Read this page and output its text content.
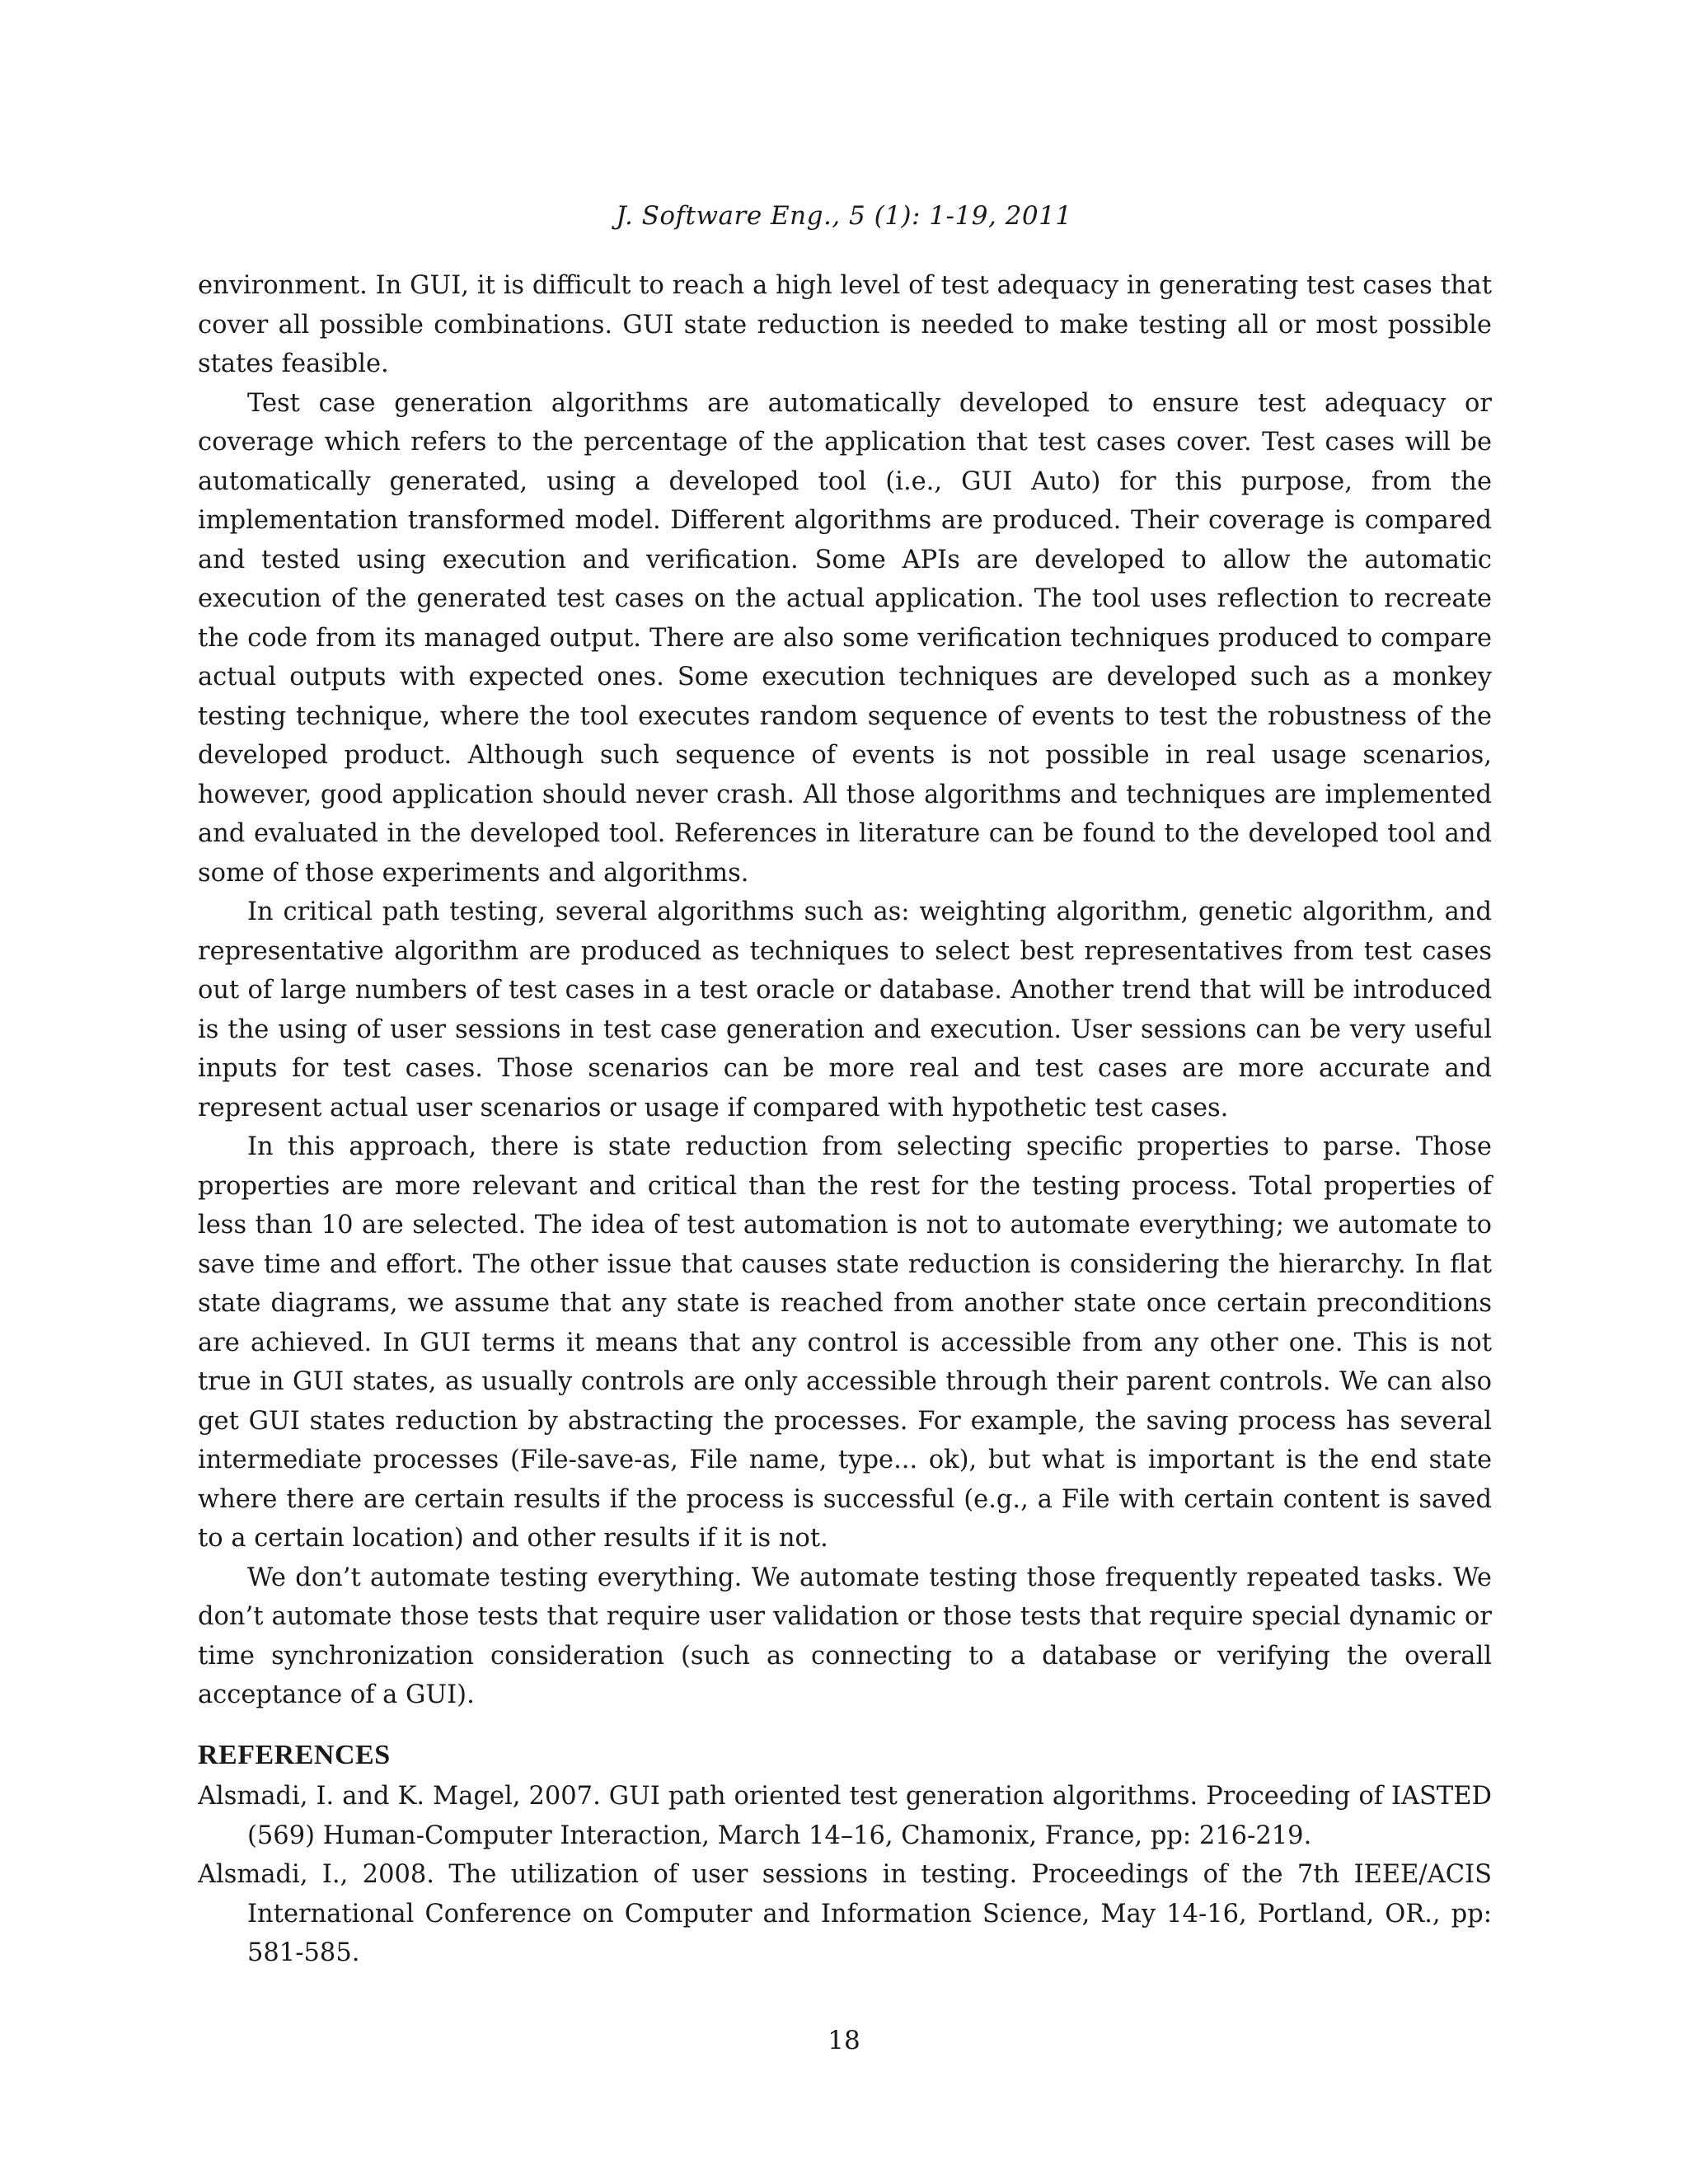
J. Software Eng., 5 (1): 1-19, 2011

environment. In GUI, it is difficult to reach a high level of test adequacy in generating test cases that cover all possible combinations. GUI state reduction is needed to make testing all or most possible states feasible.

Test case generation algorithms are automatically developed to ensure test adequacy or coverage which refers to the percentage of the application that test cases cover. Test cases will be automatically generated, using a developed tool (i.e., GUI Auto) for this purpose, from the implementation transformed model. Different algorithms are produced. Their coverage is compared and tested using execution and verification. Some APIs are developed to allow the automatic execution of the generated test cases on the actual application. The tool uses reflection to recreate the code from its managed output. There are also some verification techniques produced to compare actual outputs with expected ones. Some execution techniques are developed such as a monkey testing technique, where the tool executes random sequence of events to test the robustness of the developed product. Although such sequence of events is not possible in real usage scenarios, however, good application should never crash. All those algorithms and techniques are implemented and evaluated in the developed tool. References in literature can be found to the developed tool and some of those experiments and algorithms.

In critical path testing, several algorithms such as: weighting algorithm, genetic algorithm, and representative algorithm are produced as techniques to select best representatives from test cases out of large numbers of test cases in a test oracle or database. Another trend that will be introduced is the using of user sessions in test case generation and execution. User sessions can be very useful inputs for test cases. Those scenarios can be more real and test cases are more accurate and represent actual user scenarios or usage if compared with hypothetic test cases.

In this approach, there is state reduction from selecting specific properties to parse. Those properties are more relevant and critical than the rest for the testing process. Total properties of less than 10 are selected. The idea of test automation is not to automate everything; we automate to save time and effort. The other issue that causes state reduction is considering the hierarchy. In flat state diagrams, we assume that any state is reached from another state once certain preconditions are achieved. In GUI terms it means that any control is accessible from any other one. This is not true in GUI states, as usually controls are only accessible through their parent controls. We can also get GUI states reduction by abstracting the processes. For example, the saving process has several intermediate processes (File-save-as, File name, type... ok), but what is important is the end state where there are certain results if the process is successful (e.g., a File with certain content is saved to a certain location) and other results if it is not.

We don’t automate testing everything. We automate testing those frequently repeated tasks. We don’t automate those tests that require user validation or those tests that require special dynamic or time synchronization consideration (such as connecting to a database or verifying the overall acceptance of a GUI).

REFERENCES

Alsmadi, I. and K. Magel, 2007. GUI path oriented test generation algorithms. Proceeding of IASTED (569) Human-Computer Interaction, March 14–16, Chamonix, France, pp: 216-219.

Alsmadi, I., 2008. The utilization of user sessions in testing. Proceedings of the 7th IEEE/ACIS International Conference on Computer and Information Science, May 14-16, Portland, OR., pp: 581-585.

18
